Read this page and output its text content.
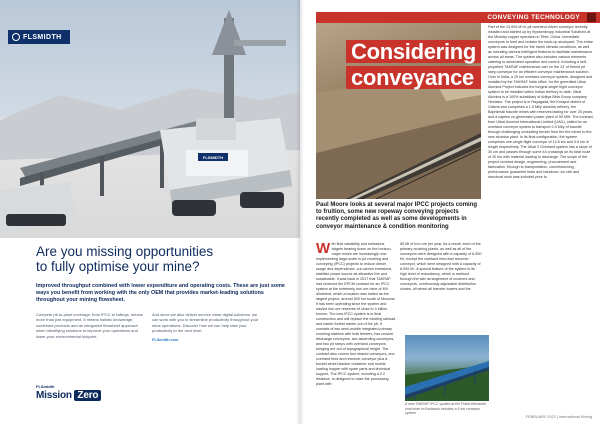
FLSMIDTH
FLSMIDTH
Are you missing opportunities
to fully optimise your mine?
Improved throughput combined with lower expenditure and operating costs. These are just some ways you benefit from working with the only OEM that provides market-leading solutions throughout your mining flowsheet.
Compete pit-to-plant coverage, from IPCC to tailings, means more than just equipment. It means holistic knowledge, combined products and an integrated flowsheet approach when identifying solutions to improve your operations and lower your environmental footprint.
And since we also deliver service close digital solutions, we can work with you to streamline productivity throughout your mine operations. Discover how we can help take your productivity to the next level.
FLSmidth.com
FLSmidth
Mission Zero
CONVEYING TECHNOLOGY
Considering
conveyance
Paul Moore looks at several major IPCC projects coming to fruition, some new ropeway conveying projects recently completed as well as some developments in conveyor maintenance & condition monitoring
W ith fluid variability and emissions targets bearing down on the horizon, major mines are increasingly now implementing large-scale in-pit crushing and conveying (IPCC) projects to reduce diesel usage and dependence, cut carbon emissions, stabilise power source as attractive live and sustainable. It was back in 2017 that TAKRAF had received the EPCM contract for an IPCC system at the extremely iron ore mine of MV allotment, which a location was hailed as the largest project, around 500 km south of Moscow. It has been operating since the system and hauled iron ore reserves of close to 4 billion tonnes. The new IPCC system is in final construction and will replace the existing railroad and hauler further earlier out of the pit. It consists of two semi-mobile integrated primary crushing stations with bulk feeders, two crusher discharge conveyors, two ascending conveyors, and two pit ramps with overland conveyors bringing ore out of topographical height. The contract also covers four shared conveyors, one overland feed and rerunner conveyor plus a bucket wheel stacker reclaimer and mobile loading hopper with spare parts and technical support. The IPCC system, including a 2.2 distance, is designed to raise the processing plant with
55 Mt of iron ore per year. As a result, each of the primary crushing plants, as well as all of the conveyors were designed with a capacity of 6,500 t/h, except the overland feed and rerunner conveyor, which were designed with a capacity of 8,000 t/h. A special feature of the system is its high level of redundancy, which is realised through the twin arrangement of crushers and conveyors, continuously adjustable distribution chutes, all wheel all transfer towers and the
Part of the 13,000 t/h in-pit overland driven conveyor recently installed and started up by thyssenkrupp Industrial Solutions at the Ministry copper operation in Tibet, China. Immediate conveyors to feed and reclaim the back-up stockyard. The entire system was designed for the harsh climatic conditions, as well as including various intelligent features to facilitate maintenance across all areas. The system also includes various elements catering to automated operation and control, including a self-propelled TAKRAF maintenance cart on the 13' of firmed pit ramp conveyor for an efficient conveyor maintenance solution. Over in India, a 20 km overland conveyor system, designed and installed by the TAKRAF India office, for the greenfield Utkal Alumina Project includes the longest single flight conveyor system to be installed within Indian territory to date. Utkal Alumina is a 100% subsidiary of Aditya Birla Group company Hindalco. The project is in Rayagada, the Koraput district of Odisha and comprises a 1.5 Mt/y alumina refinery, the Baphlimali bauxite mines with reserves lasting for over 25 years, and a captive co-generation power plant of 90 MW. The contract, from Utkal Alumina International Limited (UAIL), called for an overland conveyor system to transport 2.4 Mt/y of bauxite through challenging undulating terrain from the the mines to the new alumina plant. In its final configuration, the system comprises one single flight conveyor of 14.5 km and 3.6 km in length respectively. The Utkal 2 Overland system has a slope of 30 cm and passes through some 44 crossings on its total route of 20 km with material loading to discharge. The scope of the project covered design, engineering, procurement and fabrication, through to transportation, commissioning, performance guarantee tests and handover. An civil and structural work was included prior to
A new TAKRAF IPCC system at the Pobel-Berezniki coal mine in Kuzbassk includes a 5 km conveyor system
FEBRUARY 2022 | International Mining
